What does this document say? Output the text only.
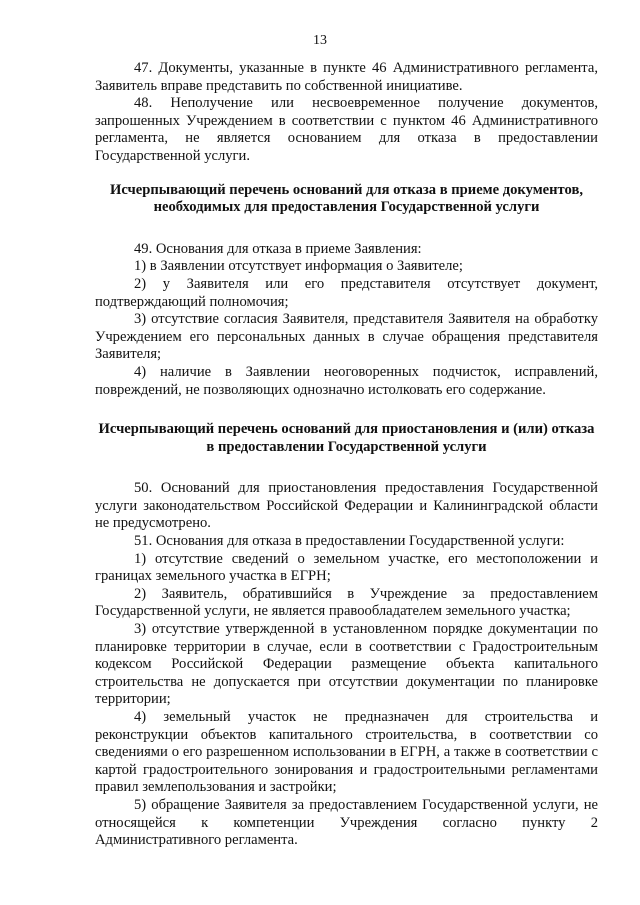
13

47. Документы, указанные в пункте 46 Административного регламента, Заявитель вправе представить по собственной инициативе.

48. Неполучение или несвоевременное получение документов, запрошенных Учреждением в соответствии с пунктом 46 Административного регламента, не является основанием для отказа в предоставлении Государственной услуги.

Исчерпывающий перечень оснований для отказа в приеме документов, необходимых для предоставления Государственной услуги

49. Основания для отказа в приеме Заявления:

1) в Заявлении отсутствует информация о Заявителе;

2) у Заявителя или его представителя отсутствует документ, подтверждающий полномочия;

3) отсутствие согласия Заявителя, представителя Заявителя на обработку Учреждением его персональных данных в случае обращения представителя Заявителя;

4) наличие в Заявлении неоговоренных подчисток, исправлений, повреждений, не позволяющих однозначно истолковать его содержание.

Исчерпывающий перечень оснований для приостановления и (или) отказа в предоставлении Государственной услуги

50. Оснований для приостановления предоставления Государственной услуги законодательством Российской Федерации и Калининградской области не предусмотрено.

51. Основания для отказа в предоставлении Государственной услуги:

1) отсутствие сведений о земельном участке, его местоположении и границах земельного участка в ЕГРН;

2) Заявитель, обратившийся в Учреждение за предоставлением Государственной услуги, не является правообладателем земельного участка;

3) отсутствие утвержденной в установленном порядке документации по планировке территории в случае, если в соответствии с Градостроительным кодексом Российской Федерации размещение объекта капитального строительства не допускается при отсутствии документации по планировке территории;

4) земельный участок не предназначен для строительства и реконструкции объектов капитального строительства, в соответствии со сведениями о его разрешенном использовании в ЕГРН, а также в соответствии с картой градостроительного зонирования и градостроительными регламентами правил землепользования и застройки;

5) обращение Заявителя за предоставлением Государственной услуги, не относящейся к компетенции Учреждения согласно пункту 2 Административного регламента.
